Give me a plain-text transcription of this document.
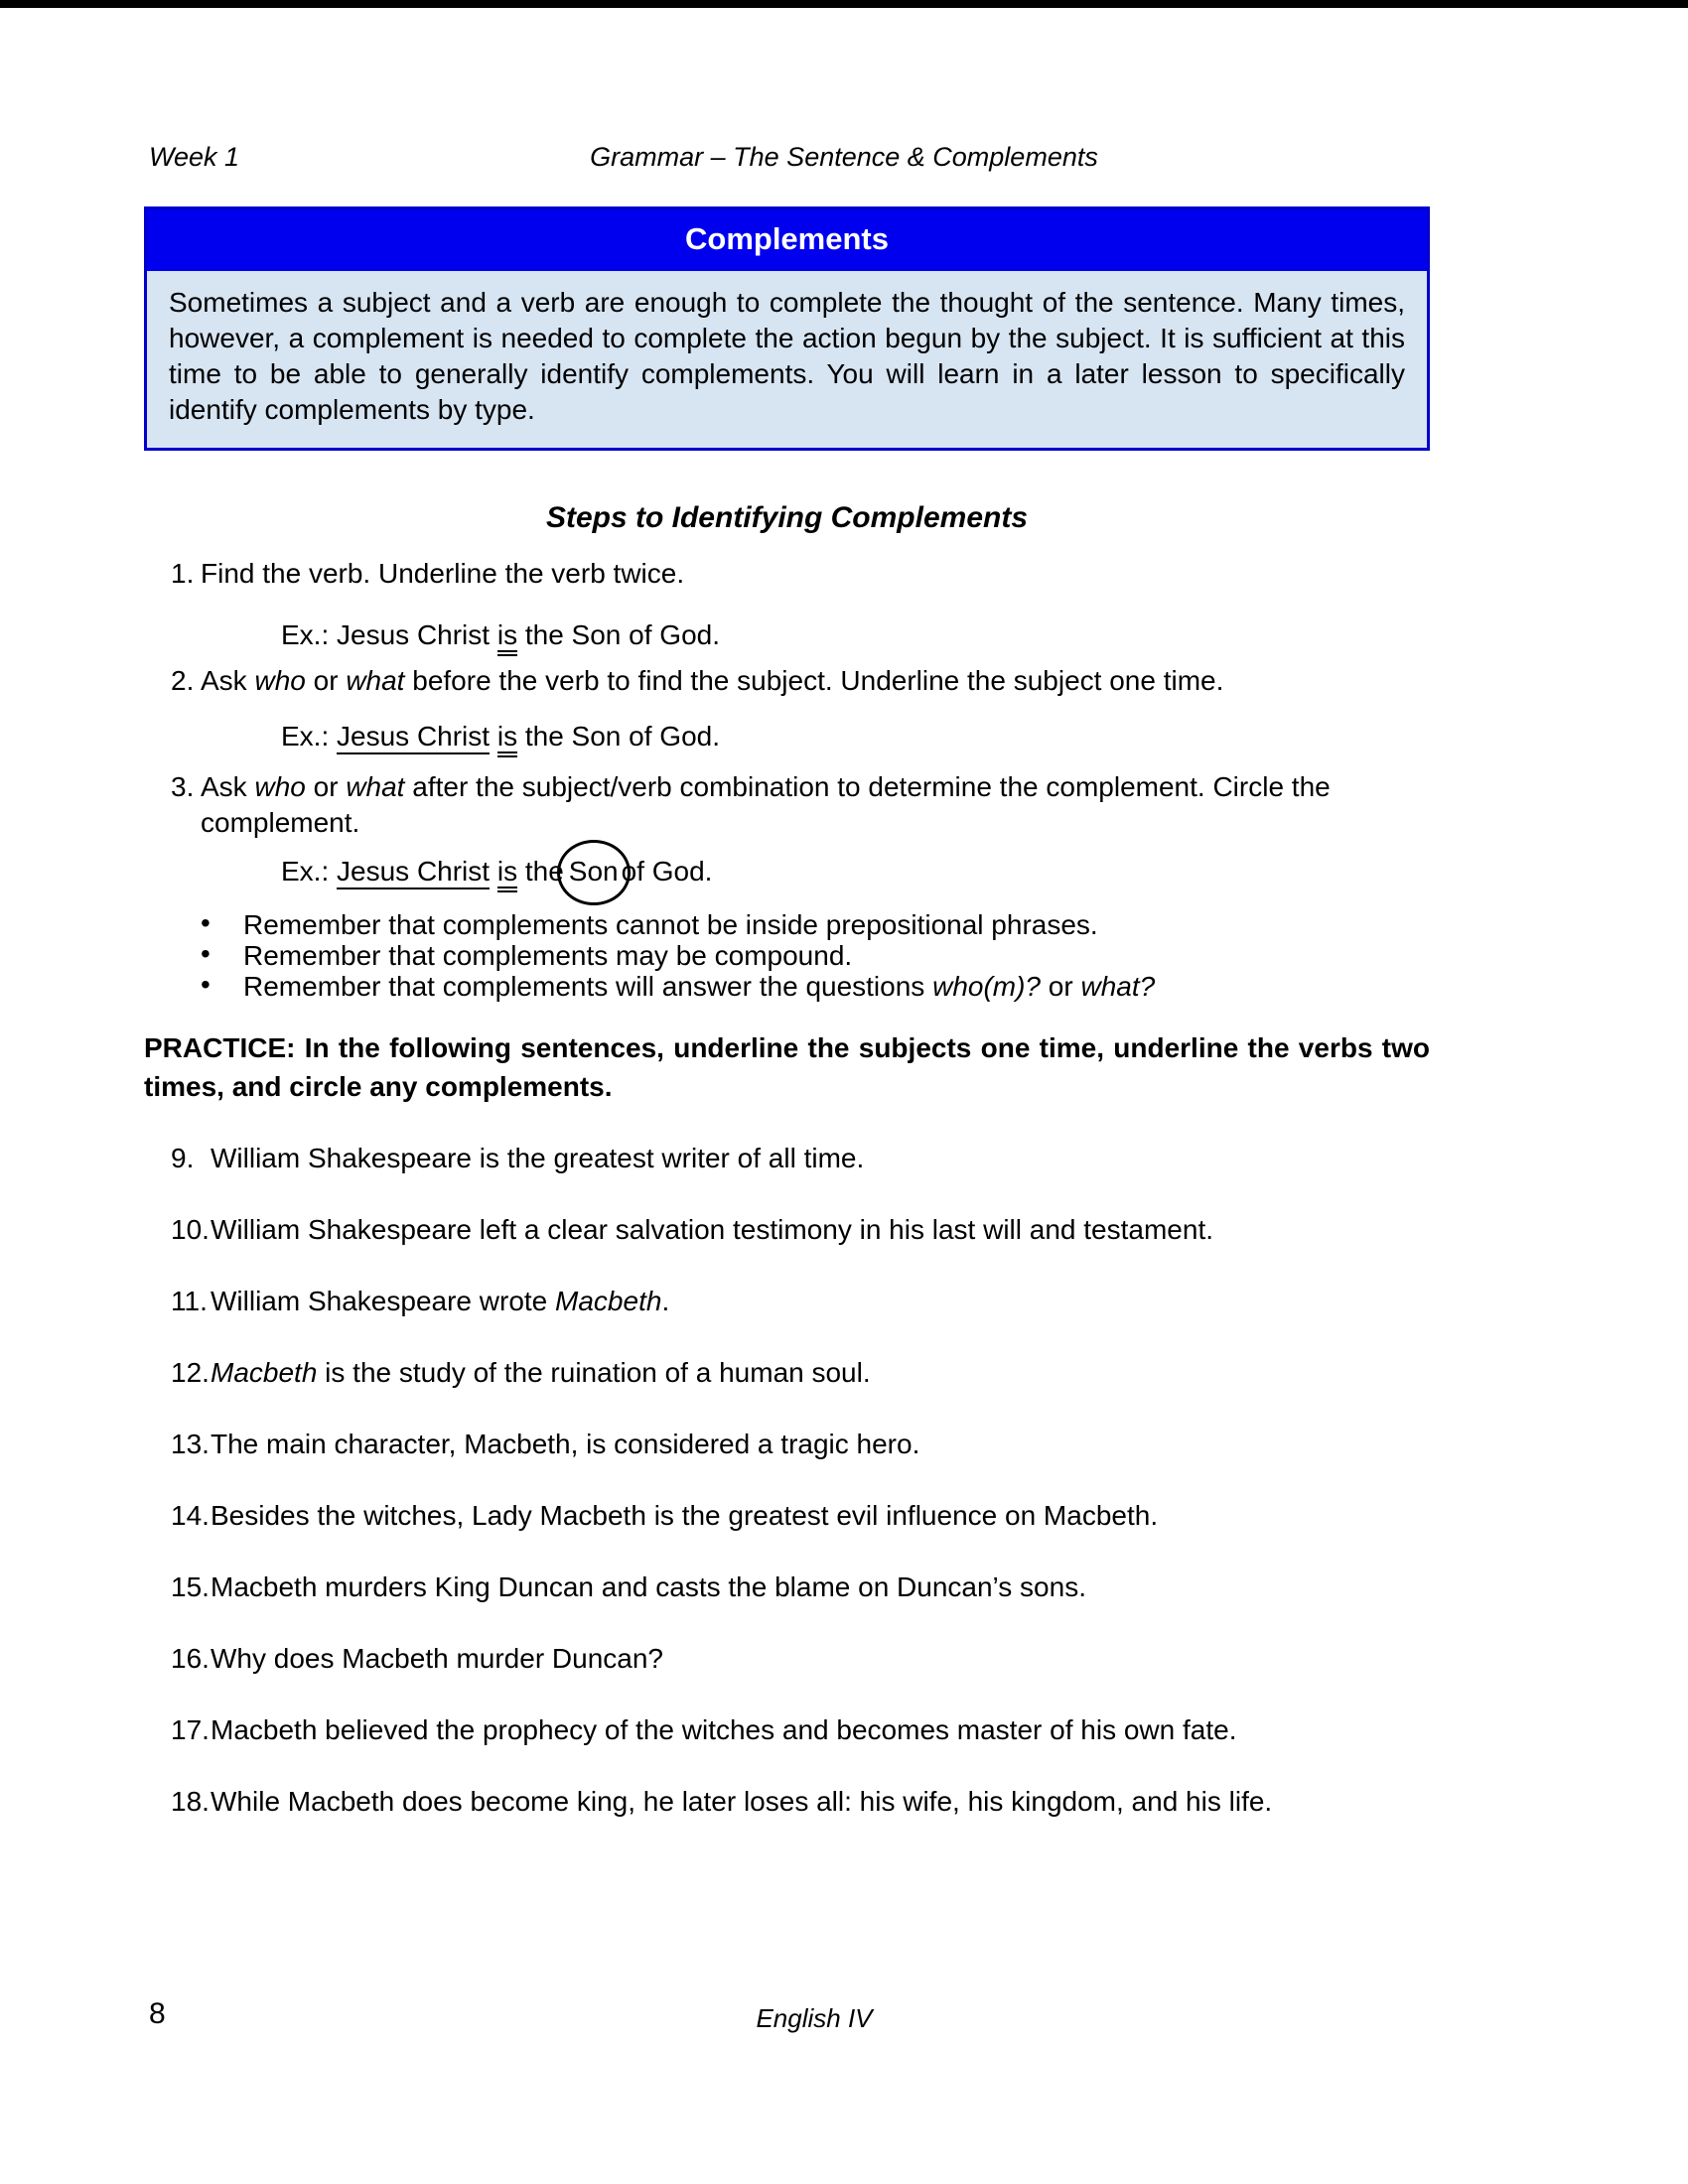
Week 1	Grammar – The Sentence & Complements
Complements
Sometimes a subject and a verb are enough to complete the thought of the sentence. Many times, however, a complement is needed to complete the action begun by the subject. It is sufficient at this time to be able to generally identify complements. You will learn in a later lesson to specifically identify complements by type.
Steps to Identifying Complements
1. Find the verb. Underline the verb twice.
Ex.: Jesus Christ is the Son of God.
2. Ask who or what before the verb to find the subject. Underline the subject one time.
Ex.: Jesus Christ is the Son of God.
3. Ask who or what after the subject/verb combination to determine the complement. Circle the
complement.
Ex.: Jesus Christ is the Son of God.
• Remember that complements cannot be inside prepositional phrases.
• Remember that complements may be compound.
• Remember that complements will answer the questions who(m)? or what?
PRACTICE: In the following sentences, underline the subjects one time, underline the verbs two times, and circle any complements.
9. William Shakespeare is the greatest writer of all time.
10.William Shakespeare left a clear salvation testimony in his last will and testament.
11. William Shakespeare wrote Macbeth.
12.Macbeth is the study of the ruination of a human soul.
13.The main character, Macbeth, is considered a tragic hero.
14.Besides the witches, Lady Macbeth is the greatest evil influence on Macbeth.
15.Macbeth murders King Duncan and casts the blame on Duncan’s sons.
16.Why does Macbeth murder Duncan?
17.Macbeth believed the prophecy of the witches and becomes master of his own fate.
18.While Macbeth does become king, he later loses all: his wife, his kingdom, and his life.
8	English IV
